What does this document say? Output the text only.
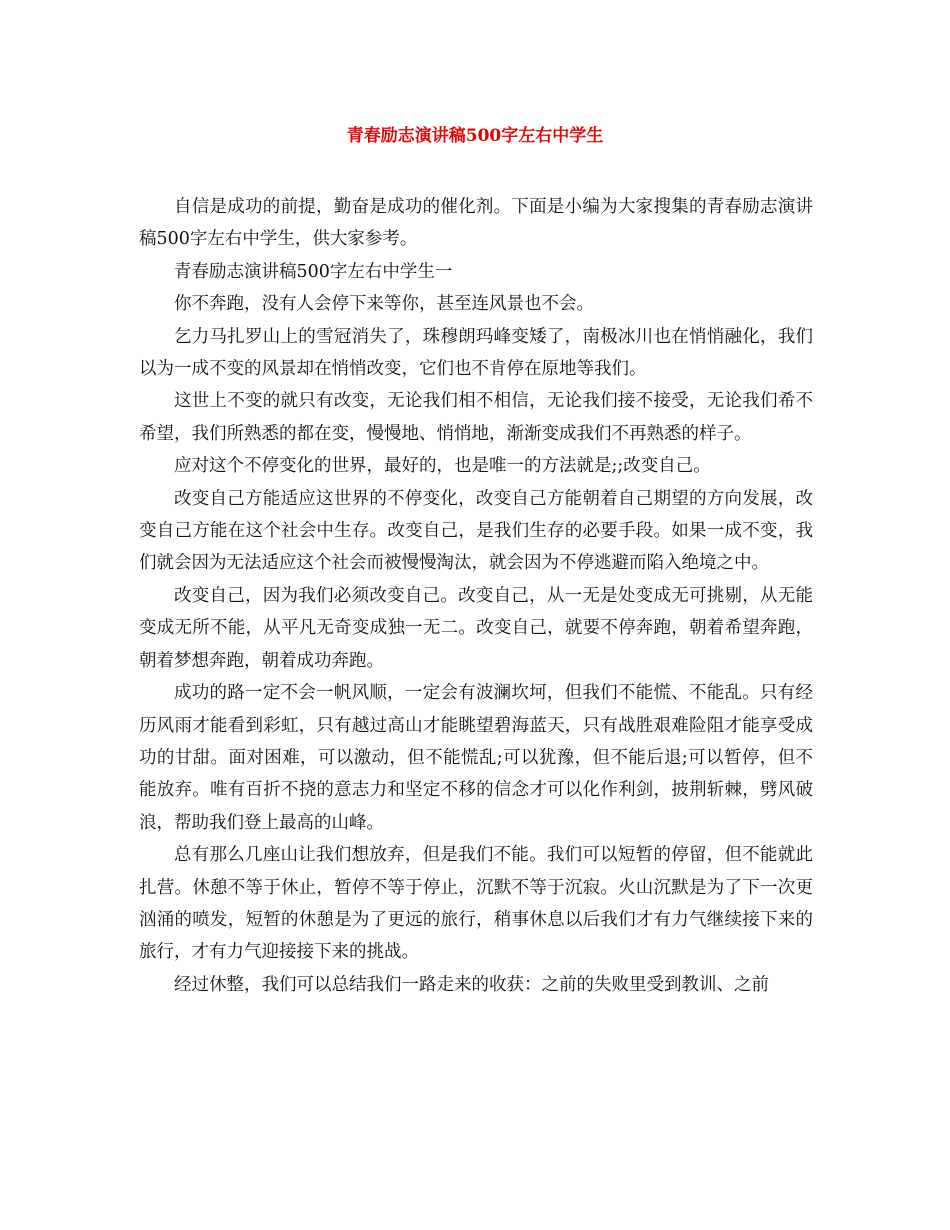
青春励志演讲稿500字左右中学生

自信是成功的前提，勤奋是成功的催化剂。下面是小编为大家搜集的青春励志演讲稿500字左右中学生，供大家参考。

青春励志演讲稿500字左右中学生一

你不奔跑，没有人会停下来等你，甚至连风景也不会。

乞力马扎罗山上的雪冠消失了，珠穆朗玛峰变矮了，南极冰川也在悄悄融化，我们以为一成不变的风景却在悄悄改变，它们也不肯停在原地等我们。

这世上不变的就只有改变，无论我们相不相信，无论我们接不接受，无论我们希不希望，我们所熟悉的都在变，慢慢地、悄悄地，渐渐变成我们不再熟悉的样子。

应对这个不停变化的世界，最好的，也是唯一的方法就是;;改变自己。

改变自己方能适应这世界的不停变化，改变自己方能朝着自己期望的方向发展，改变自己方能在这个社会中生存。改变自己，是我们生存的必要手段。如果一成不变，我们就会因为无法适应这个社会而被慢慢淘汰，就会因为不停逃避而陷入绝境之中。

改变自己，因为我们必须改变自己。改变自己，从一无是处变成无可挑剔，从无能变成无所不能，从平凡无奇变成独一无二。改变自己，就要不停奔跑，朝着希望奔跑，朝着梦想奔跑，朝着成功奔跑。

成功的路一定不会一帆风顺，一定会有波澜坎坷，但我们不能慌、不能乱。只有经历风雨才能看到彩虹，只有越过高山才能眺望碧海蓝天，只有战胜艰难险阻才能享受成功的甘甜。面对困难，可以激动，但不能慌乱;可以犹豫，但不能后退;可以暂停，但不能放弃。唯有百折不挠的意志力和坚定不移的信念才可以化作利剑，披荆斩棘，劈风破浪，帮助我们登上最高的山峰。

总有那么几座山让我们想放弃，但是我们不能。我们可以短暂的停留，但不能就此扎营。休憩不等于休止，暂停不等于停止，沉默不等于沉寂。火山沉默是为了下一次更汹涌的喷发，短暂的休憩是为了更远的旅行，稍事休息以后我们才有力气继续接下来的旅行，才有力气迎接接下来的挑战。

经过休整，我们可以总结我们一路走来的收获：之前的失败里受到教训、之前
